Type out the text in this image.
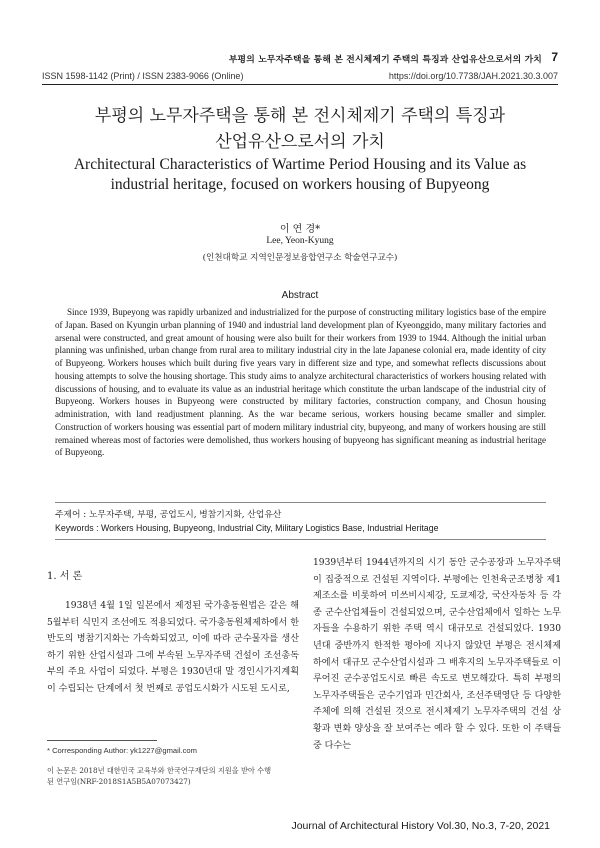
부평의 노무자주택을 통해 본 전시체제기 주택의 특징과 산업유산으로서의 가치 7
ISSN 1598-1142 (Print) / ISSN 2383-9066 (Online)	https://doi.org/10.7738/JAH.2021.30.3.007
부평의 노무자주택을 통해 본 전시체제기 주택의 특징과
산업유산으로서의 가치
Architectural Characteristics of Wartime Period Housing and its Value as
industrial heritage, focused on workers housing of Bupyeong
이 연 경*
Lee, Yeon-Kyung
(인천대학교 지역인문정보융합연구소 학술연구교수)
Abstract
Since 1939, Bupeyong was rapidly urbanized and industrialized for the purpose of constructing military logistics base of the empire of Japan. Based on Kyungin urban planning of 1940 and industrial land development plan of Kyeonggido, many military factories and arsenal were constructed, and great amount of housing were also built for their workers from 1939 to 1944. Although the initial urban planning was unfinished, urban change from rural area to military industrial city in the late Japanese colonial era, made identity of city of Bupyeong. Workers houses which built during five years vary in different size and type, and somewhat reflects discussions about housing attempts to solve the housing shortage. This study aims to analyze architectural characteristics of workers housing related with discussions of housing, and to evaluate its value as an industrial heritage which constitute the urban landscape of the industrial city of Bupyeong. Workers houses in Bupyeong were constructed by military factories, construction company, and Chosun housing administration, with land readjustment planning. As the war became serious, workers housing became smaller and simpler. Construction of workers housing was essential part of modern military industrial city, bupyeong, and many of workers housing are still remained whereas most of factories were demolished, thus workers housing of bupyeong has significant meaning as industrial heritage of Bupyeong.
주제어 : 노무자주택, 부평, 공업도시, 병참기지화, 산업유산
Keywords : Workers Housing, Bupyeong, Industrial City, Military Logistics Base, Industrial Heritage
1. 서 론

1938년 4월 1일 일본에서 제정된 국가총동원법은 같은 해 5월부터 식민지 조선에도 적용되었다. 국가총동원체제하에서 한반도의 병참기지화는 가속화되었고, 이에 따라 군수물자를 생산하기 위한 산업시설과 그에 부속된 노무자주택 건설이 조선총독부의 주요 사업이 되었다. 부평은 1930년대 말 경인시가지계획이 수립되는 단계에서 첫 번째로 공업도시화가 시도된 도시로,

* Corresponding Author: yk1227@gmail.com
이 논문은 2018년 대한민국 교육부와 한국연구재단의 지원을 받아 수행된 연구임(NRF-2018S1A5B5A07073427)

1939년부터 1944년까지의 시기 동안 군수공장과 노무자주택이 집중적으로 건설된 지역이다. 부평에는 인천육군조병창 제1제조소를 비롯하여 미쓰비시제강, 도쿄제강, 국산자동차 등 각종 군수산업체들이 건설되었으며, 군수산업체에서 일하는 노무자들을 수용하기 위한 주택 역시 대규모로 건설되었다. 1930년대 중반까지 한적한 평야에 지나지 않았던 부평은 전시체제하에서 대규모 군수산업시설과 그 배후지의 노무자주택들로 이루어진 군수공업도시로 빠른 속도로 변모해갔다. 특히 부평의 노무자주택들은 군수기업과 민간회사, 조선주택영단 등 다양한 주체에 의해 건설된 것으로 전시체제기 노무자주택의 건설 상황과 변화 양상을 잘 보여주는 예라 할 수 있다. 또한 이 주택들 중 다수는

Journal of Architectural History Vol.30, No.3, 7-20, 2021
